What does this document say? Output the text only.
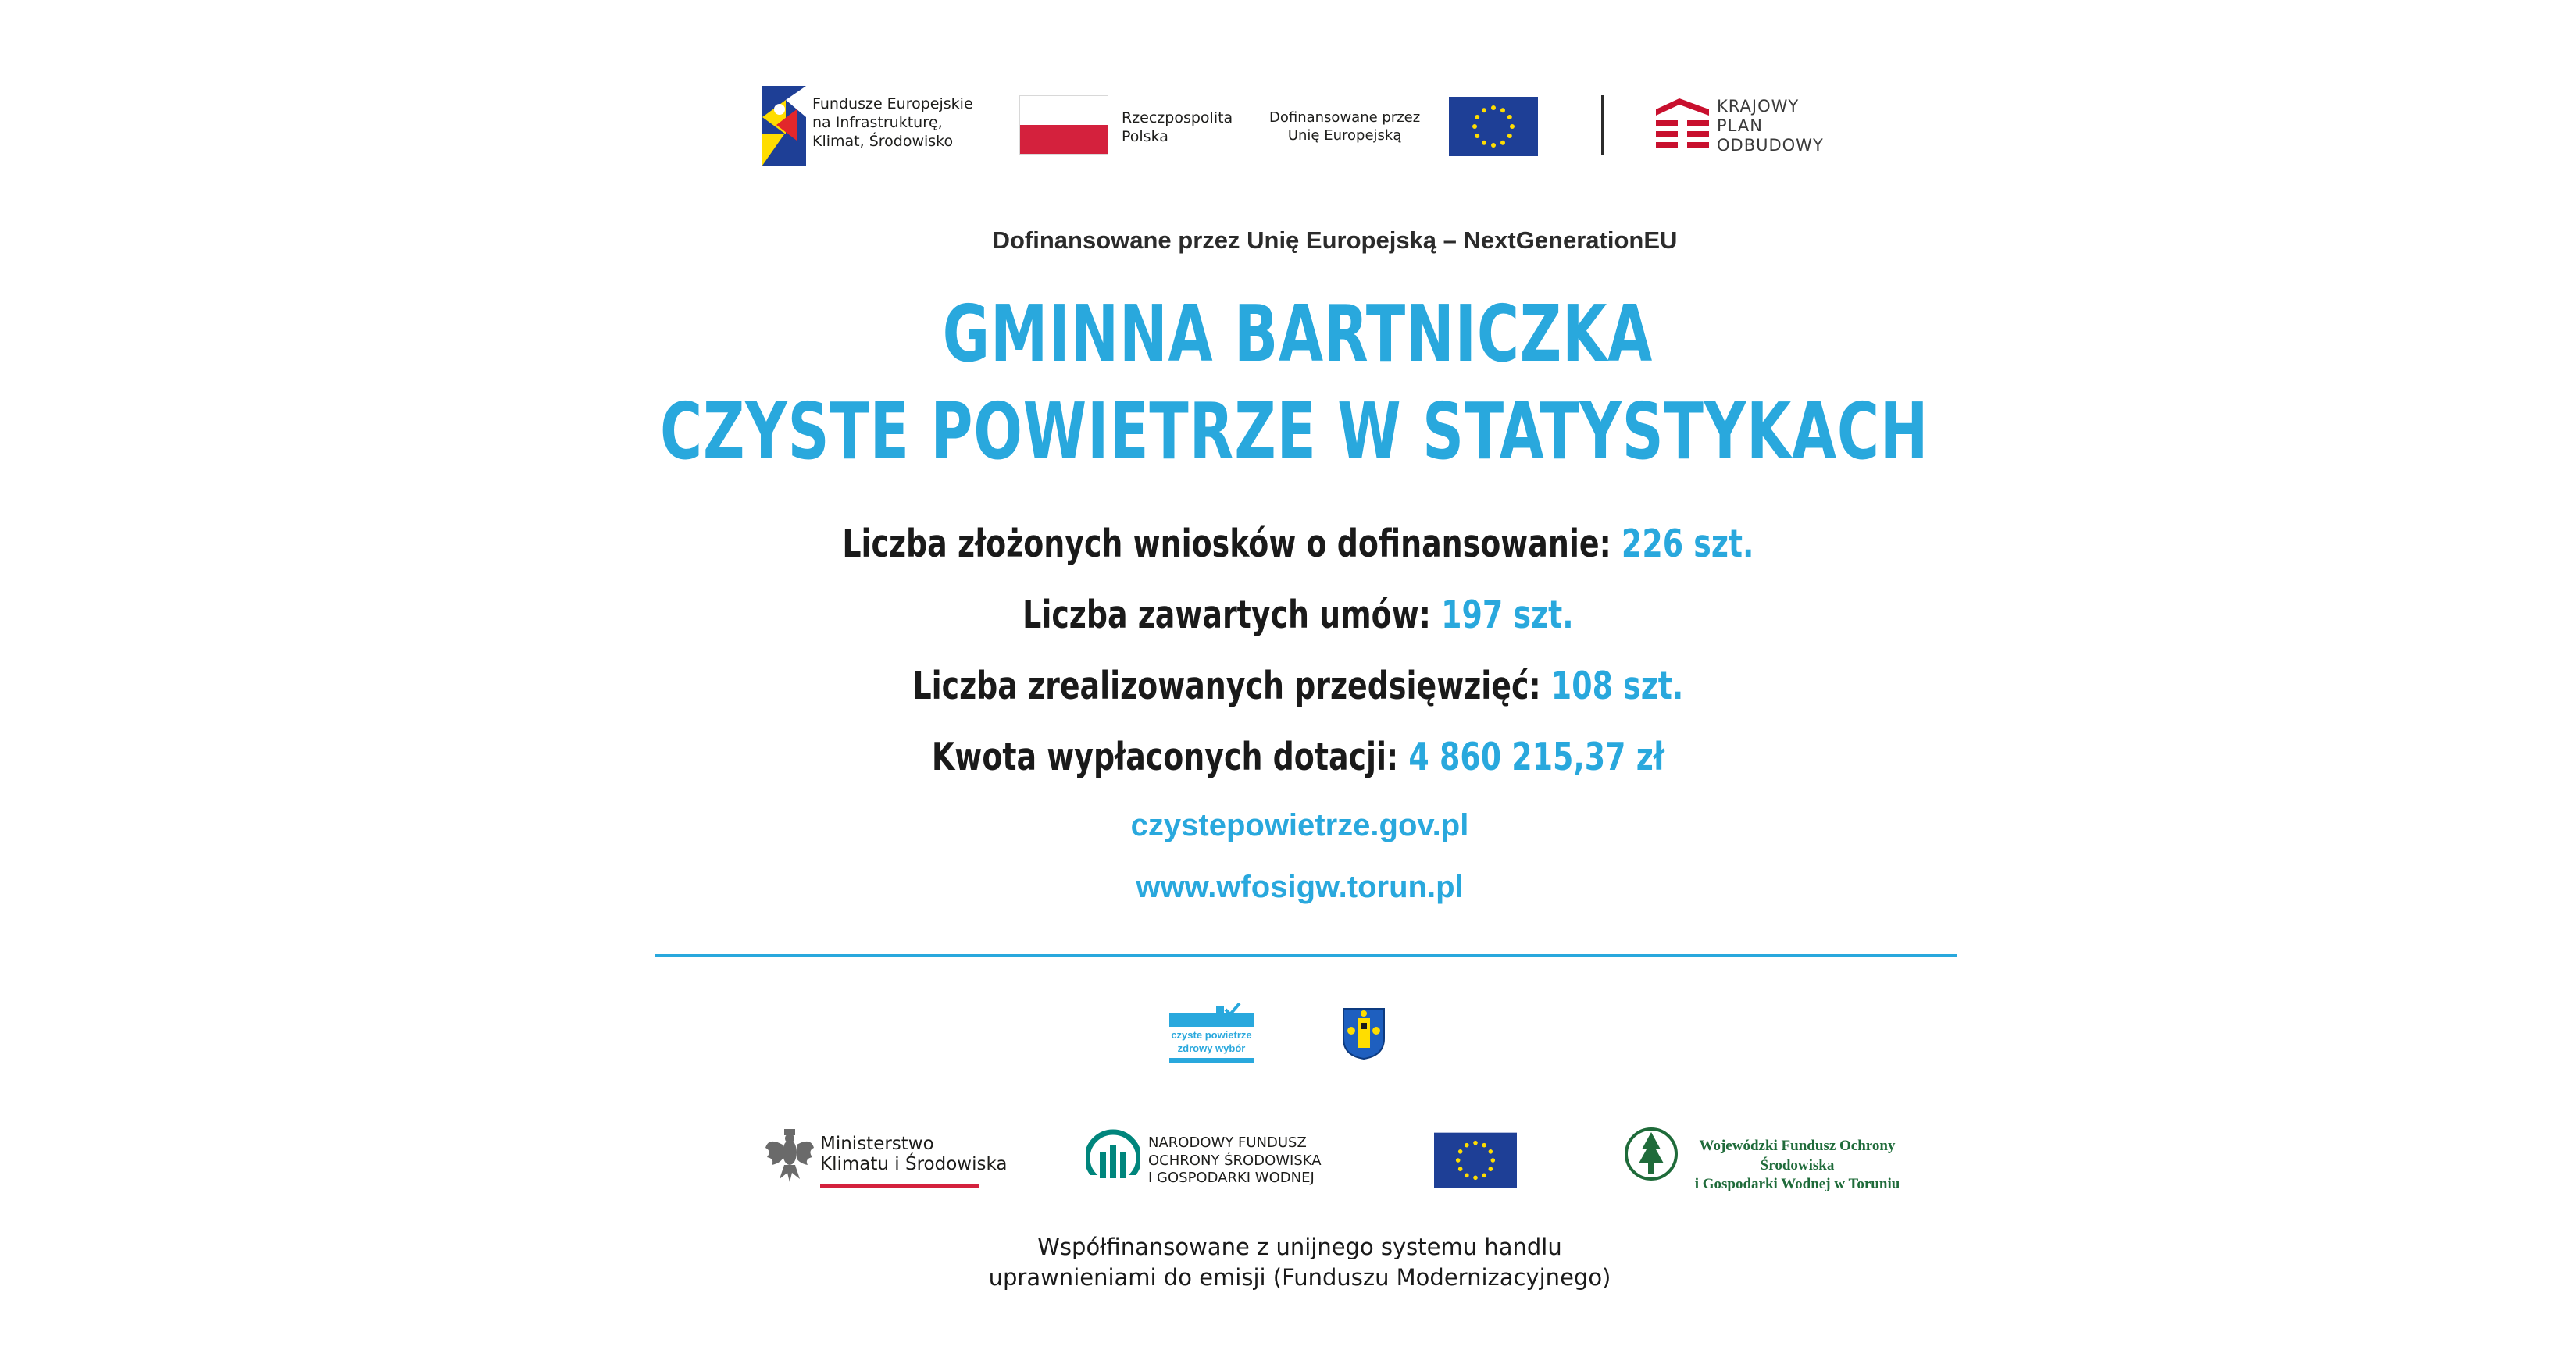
Fundusze Europejskie
na Infrastrukturę,
Klimat, Środowisko
Rzeczpospolita
Polska
Dofinansowane przez
Unię Europejską
KRAJOWY
PLAN
ODBUDOWY
Dofinansowane przez Unię Europejską – NextGenerationEU
GMINNA BARTNICZKA
CZYSTE POWIETRZE W STATYSTYKACH
Liczba złożonych wniosków o dofinansowanie: 226 szt.
Liczba zawartych umów: 197 szt.
Liczba zrealizowanych przedsięwzięć: 108 szt.
Kwota wypłaconych dotacji: 4 860 215,37 zł
czystepowietrze.gov.pl
www.wfosigw.torun.pl
czyste powietrze
zdrowy wybór
Ministerstwo
Klimatu i Środowiska
NARODOWY FUNDUSZ
OCHRONY ŚRODOWISKA
I GOSPODARKI WODNEJ
Wojewódzki Fundusz Ochrony Środowiska
i Gospodarki Wodnej w Toruniu
Współfinansowane z unijnego systemu handlu
uprawnieniami do emisji (Funduszu Modernizacyjnego)
